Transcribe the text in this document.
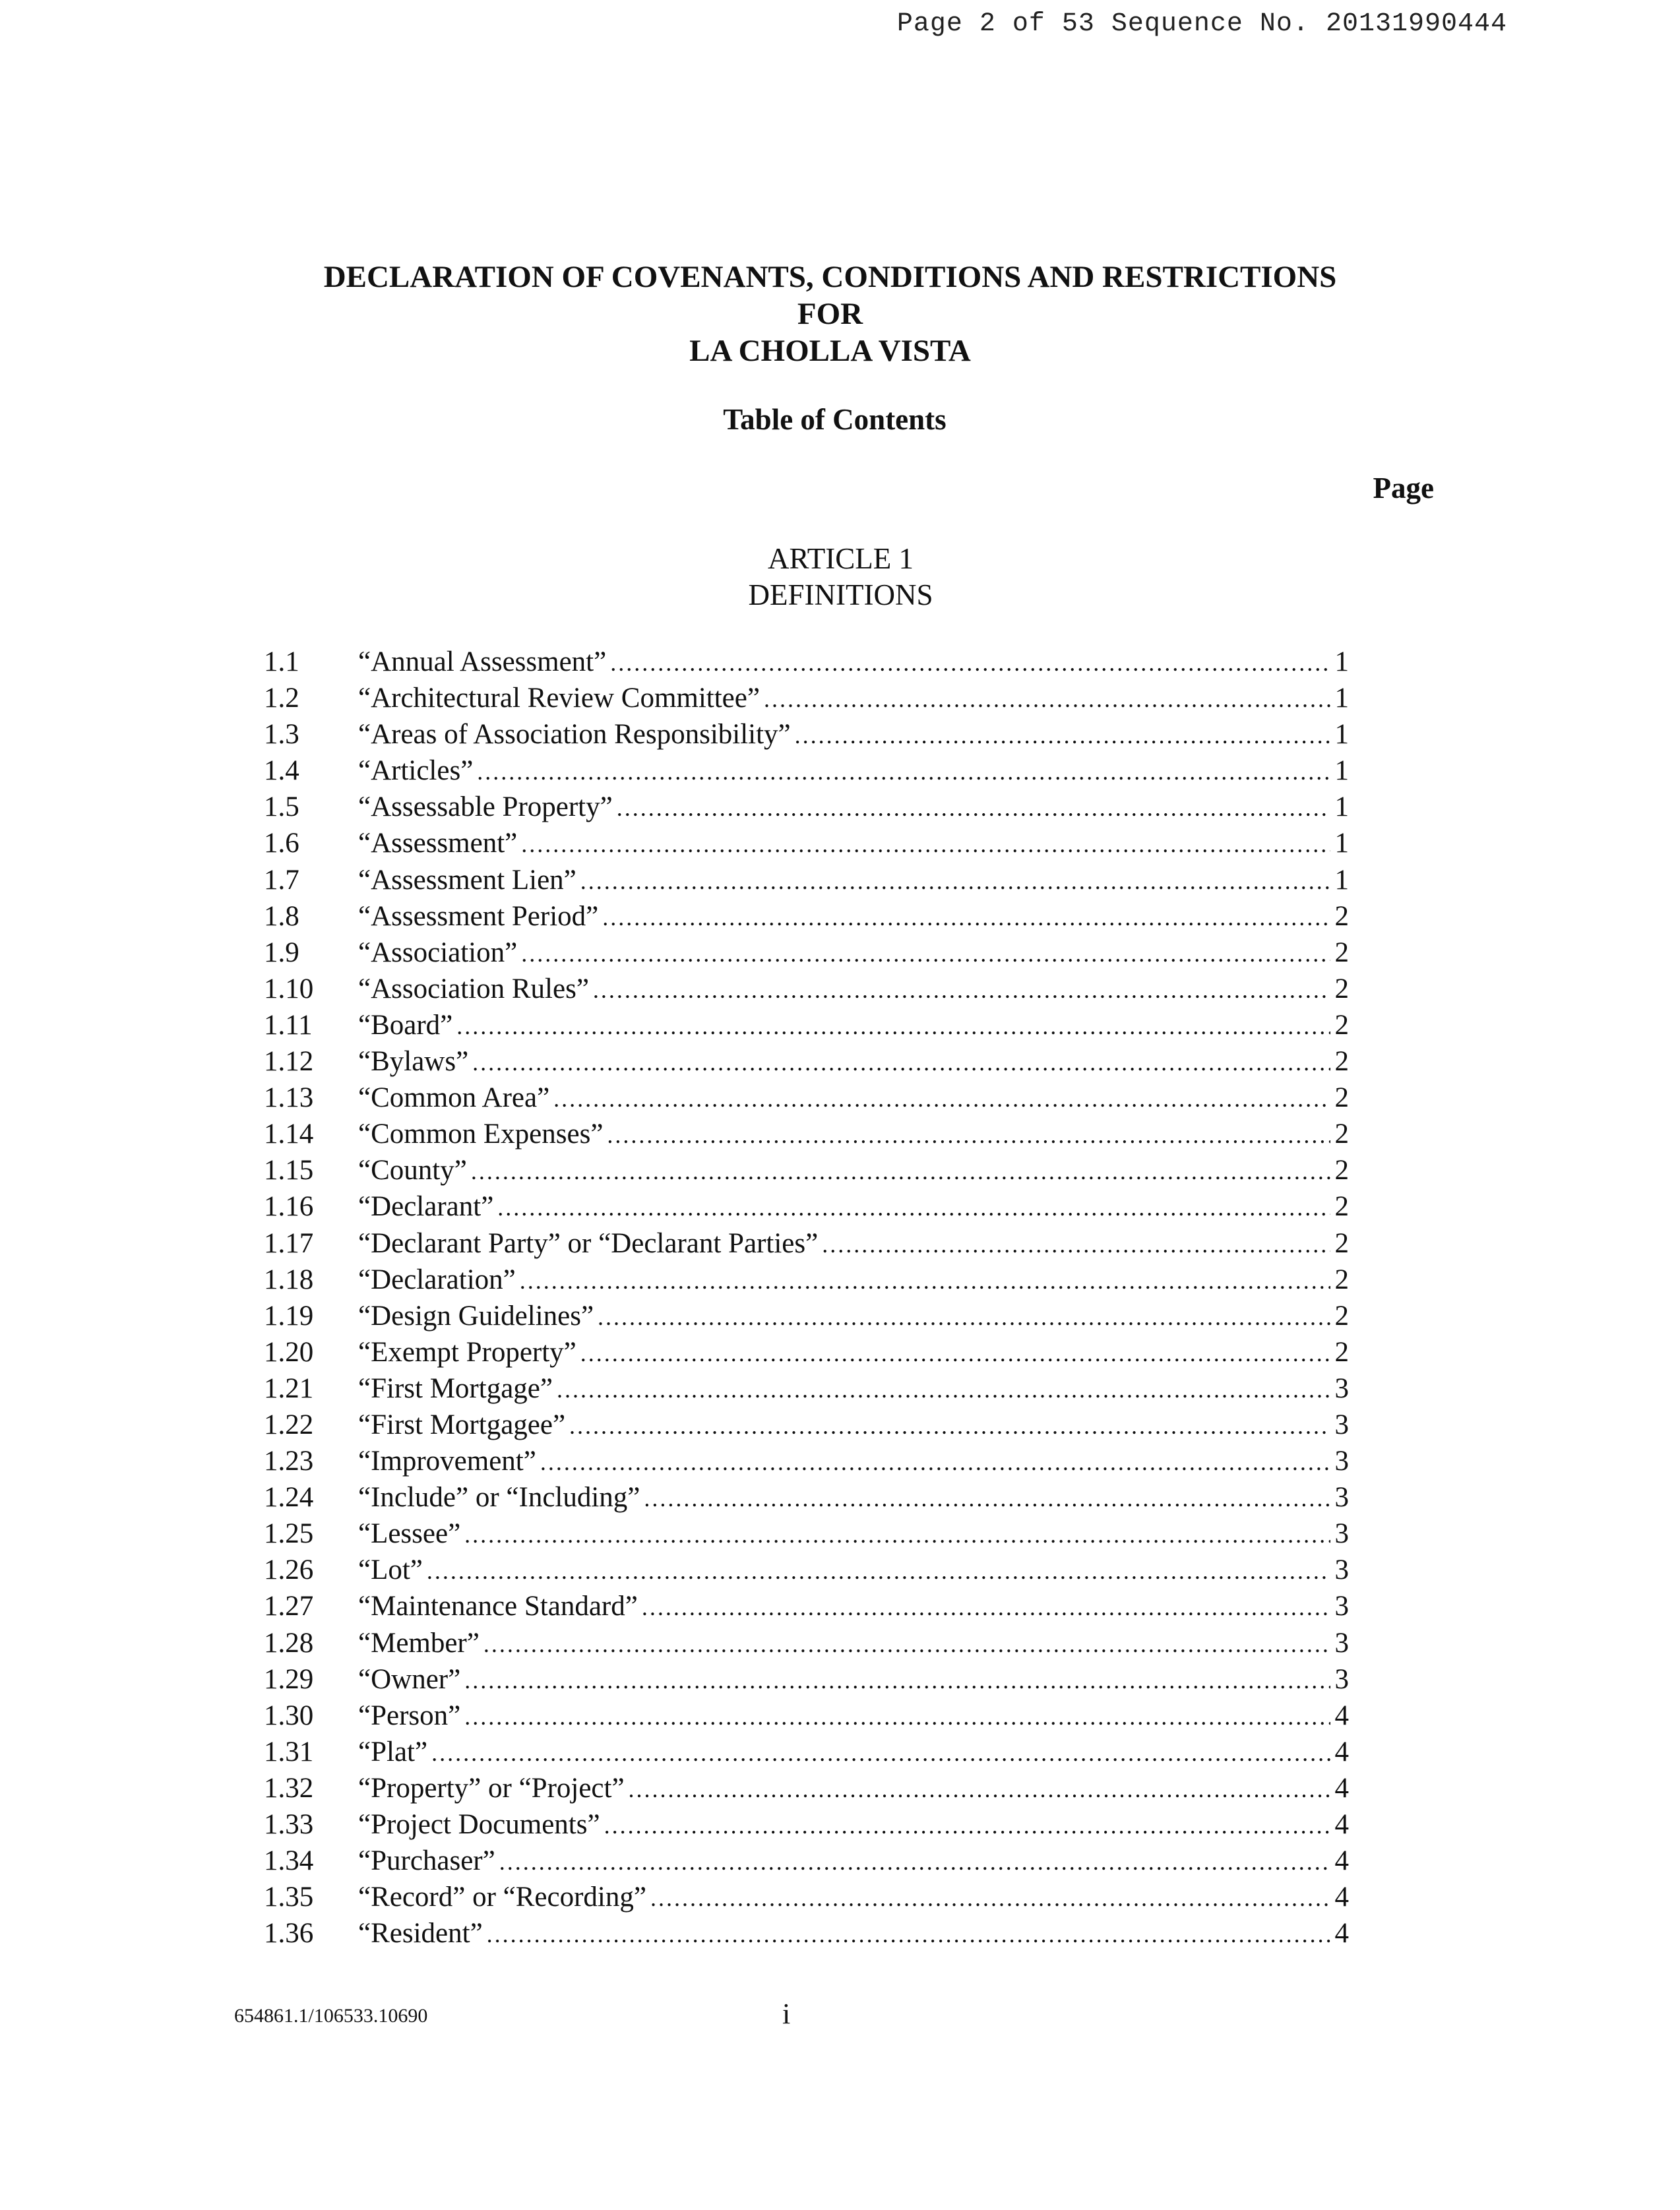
Page 2 of 53 Sequence No. 20131990444
DECLARATION OF COVENANTS, CONDITIONS AND RESTRICTIONS
FOR
LA CHOLLA VISTA
Table of Contents
Page
ARTICLE 1
DEFINITIONS
1.1	“Annual Assessment” .....	1
1.2	“Architectural Review Committee” .....	1
1.3	“Areas of Association Responsibility” .....	1
1.4	“Articles” .....	1
1.5	“Assessable Property” .....	1
1.6	“Assessment” .....	1
1.7	“Assessment Lien” .....	1
1.8	“Assessment Period” .....	2
1.9	“Association” .....	2
1.10	“Association Rules” .....	2
1.11	“Board” .....	2
1.12	“Bylaws” .....	2
1.13	“Common Area” .....	2
1.14	“Common Expenses” .....	2
1.15	“County” .....	2
1.16	“Declarant” .....	2
1.17	“Declarant Party” or “Declarant Parties” .....	2
1.18	“Declaration” .....	2
1.19	“Design Guidelines” .....	2
1.20	“Exempt Property” .....	2
1.21	“First Mortgage” .....	3
1.22	“First Mortgagee” .....	3
1.23	“Improvement” .....	3
1.24	“Include” or “Including” .....	3
1.25	“Lessee” .....	3
1.26	“Lot” .....	3
1.27	“Maintenance Standard” .....	3
1.28	“Member” .....	3
1.29	“Owner” .....	3
1.30	“Person” .....	4
1.31	“Plat” .....	4
1.32	“Property” or “Project” .....	4
1.33	“Project Documents” .....	4
1.34	“Purchaser” .....	4
1.35	“Record” or “Recording” .....	4
1.36	“Resident” .....	4
654861.1/106533.10690	i
